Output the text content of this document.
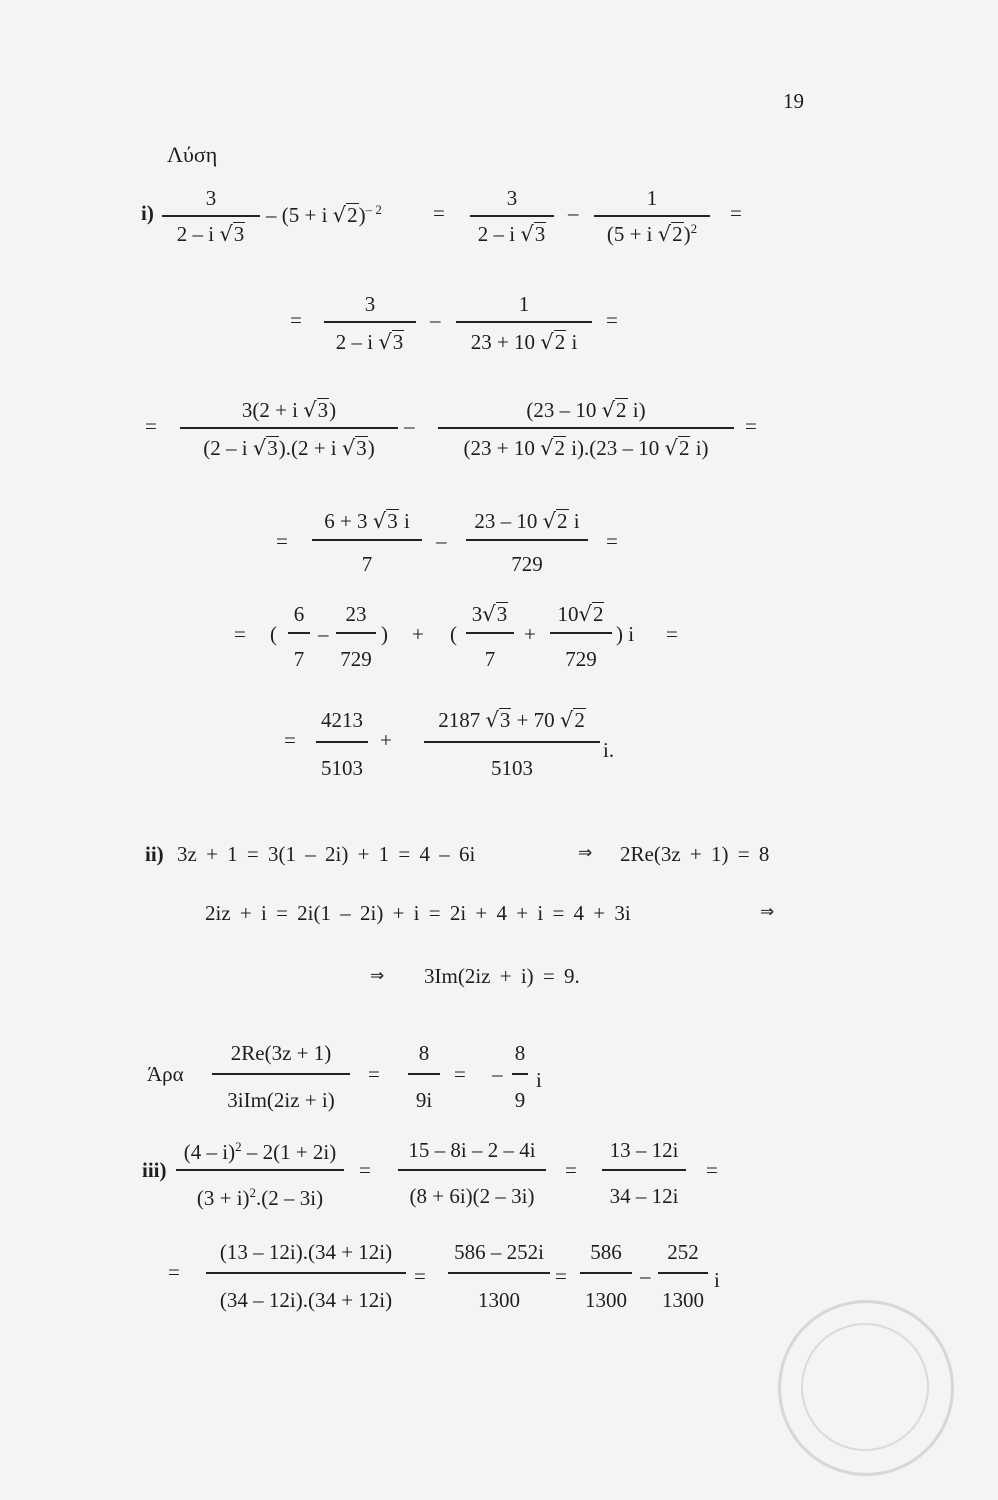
19
Λύση
i)
3
2 – i √3
– (5 + i √2)$^{- 2}$ =
3
2 – i √3
–
1
(5 + i √2)$^2$
=
=
3
2 – i √3
–
1
23 + 10 √2 i
=
=
3(2 + i √3)
(2 – i √3).(2 + i √3)
–
(23 – 10 √2 i)
(23 + 10 √2 i).(23 – 10 √2 i)
=
=
6 + 3 √3 i
7
–
23 – 10 √2 i
729
=
= (
6
7
–
23
729
) + (
3√3
7
+
10√2
729
) i =
=
4213
5103
+
2187 √3 + 70 √2
5103
i.
ii) 3z + 1 = 3(1 – 2i) + 1 = 4 – 6i	⇒ 2Re(3z + 1) = 8
2iz + i = 2i(1 – 2i) + i = 2i + 4 + i = 4 + 3i	⇒
⇒ 3Im(2iz + i) = 9.
Άρα
2Re(3z + 1)
3iIm(2iz + i)
=
8
9i
= –
8
9
i
iii)
(4 – i)$^2$ – 2(1 + 2i)
$(3 + i)^2.(2 - 3i)$
=
15 – 8i – 2 – 4i
(8 + 6i)(2 – 3i)
=
13 – 12i
34 – 12i
=
=
(13 – 12i).(34 + 12i)
(34 – 12i).(34 + 12i)
=
586 – 252i
1300
=
586
1300
–
252
1300
i
